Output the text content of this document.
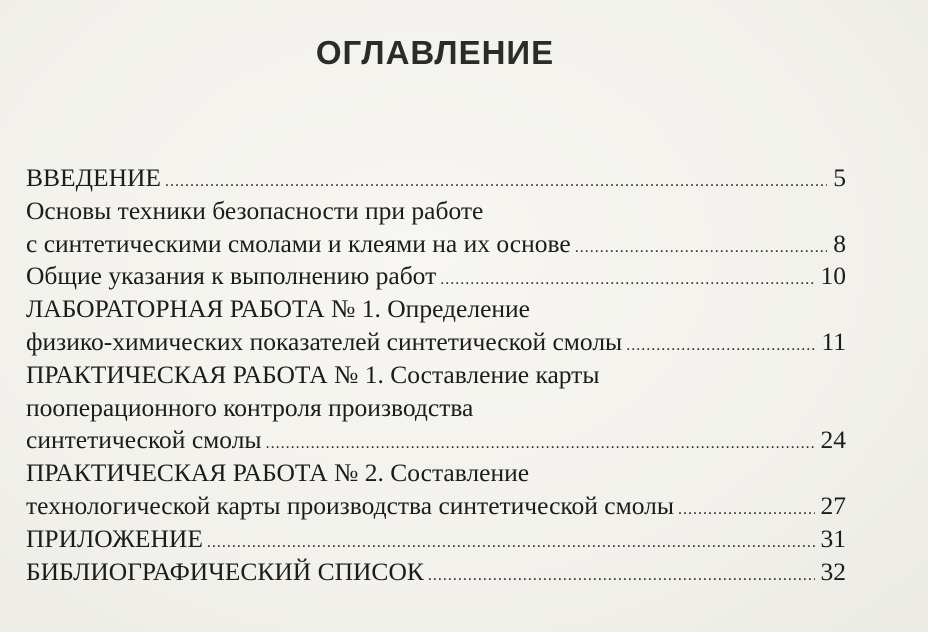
ОГЛАВЛЕНИЕ
ВВЕДЕНИЕ .....	5
Основы техники безопасности при работе
с синтетическими смолами и клеями на их основе .....	8
Общие указания к выполнению работ .....	10
ЛАБОРАТОРНАЯ РАБОТА № 1. Определение
физико-химических показателей синтетической смолы .....	11
ПРАКТИЧЕСКАЯ РАБОТА № 1. Составление карты
пооперационного контроля производства
синтетической смолы .....	24
ПРАКТИЧЕСКАЯ РАБОТА № 2. Составление
технологической карты производства синтетической смолы .....	27
ПРИЛОЖЕНИЕ .....	31
БИБЛИОГРАФИЧЕСКИЙ СПИСОК .....	32
